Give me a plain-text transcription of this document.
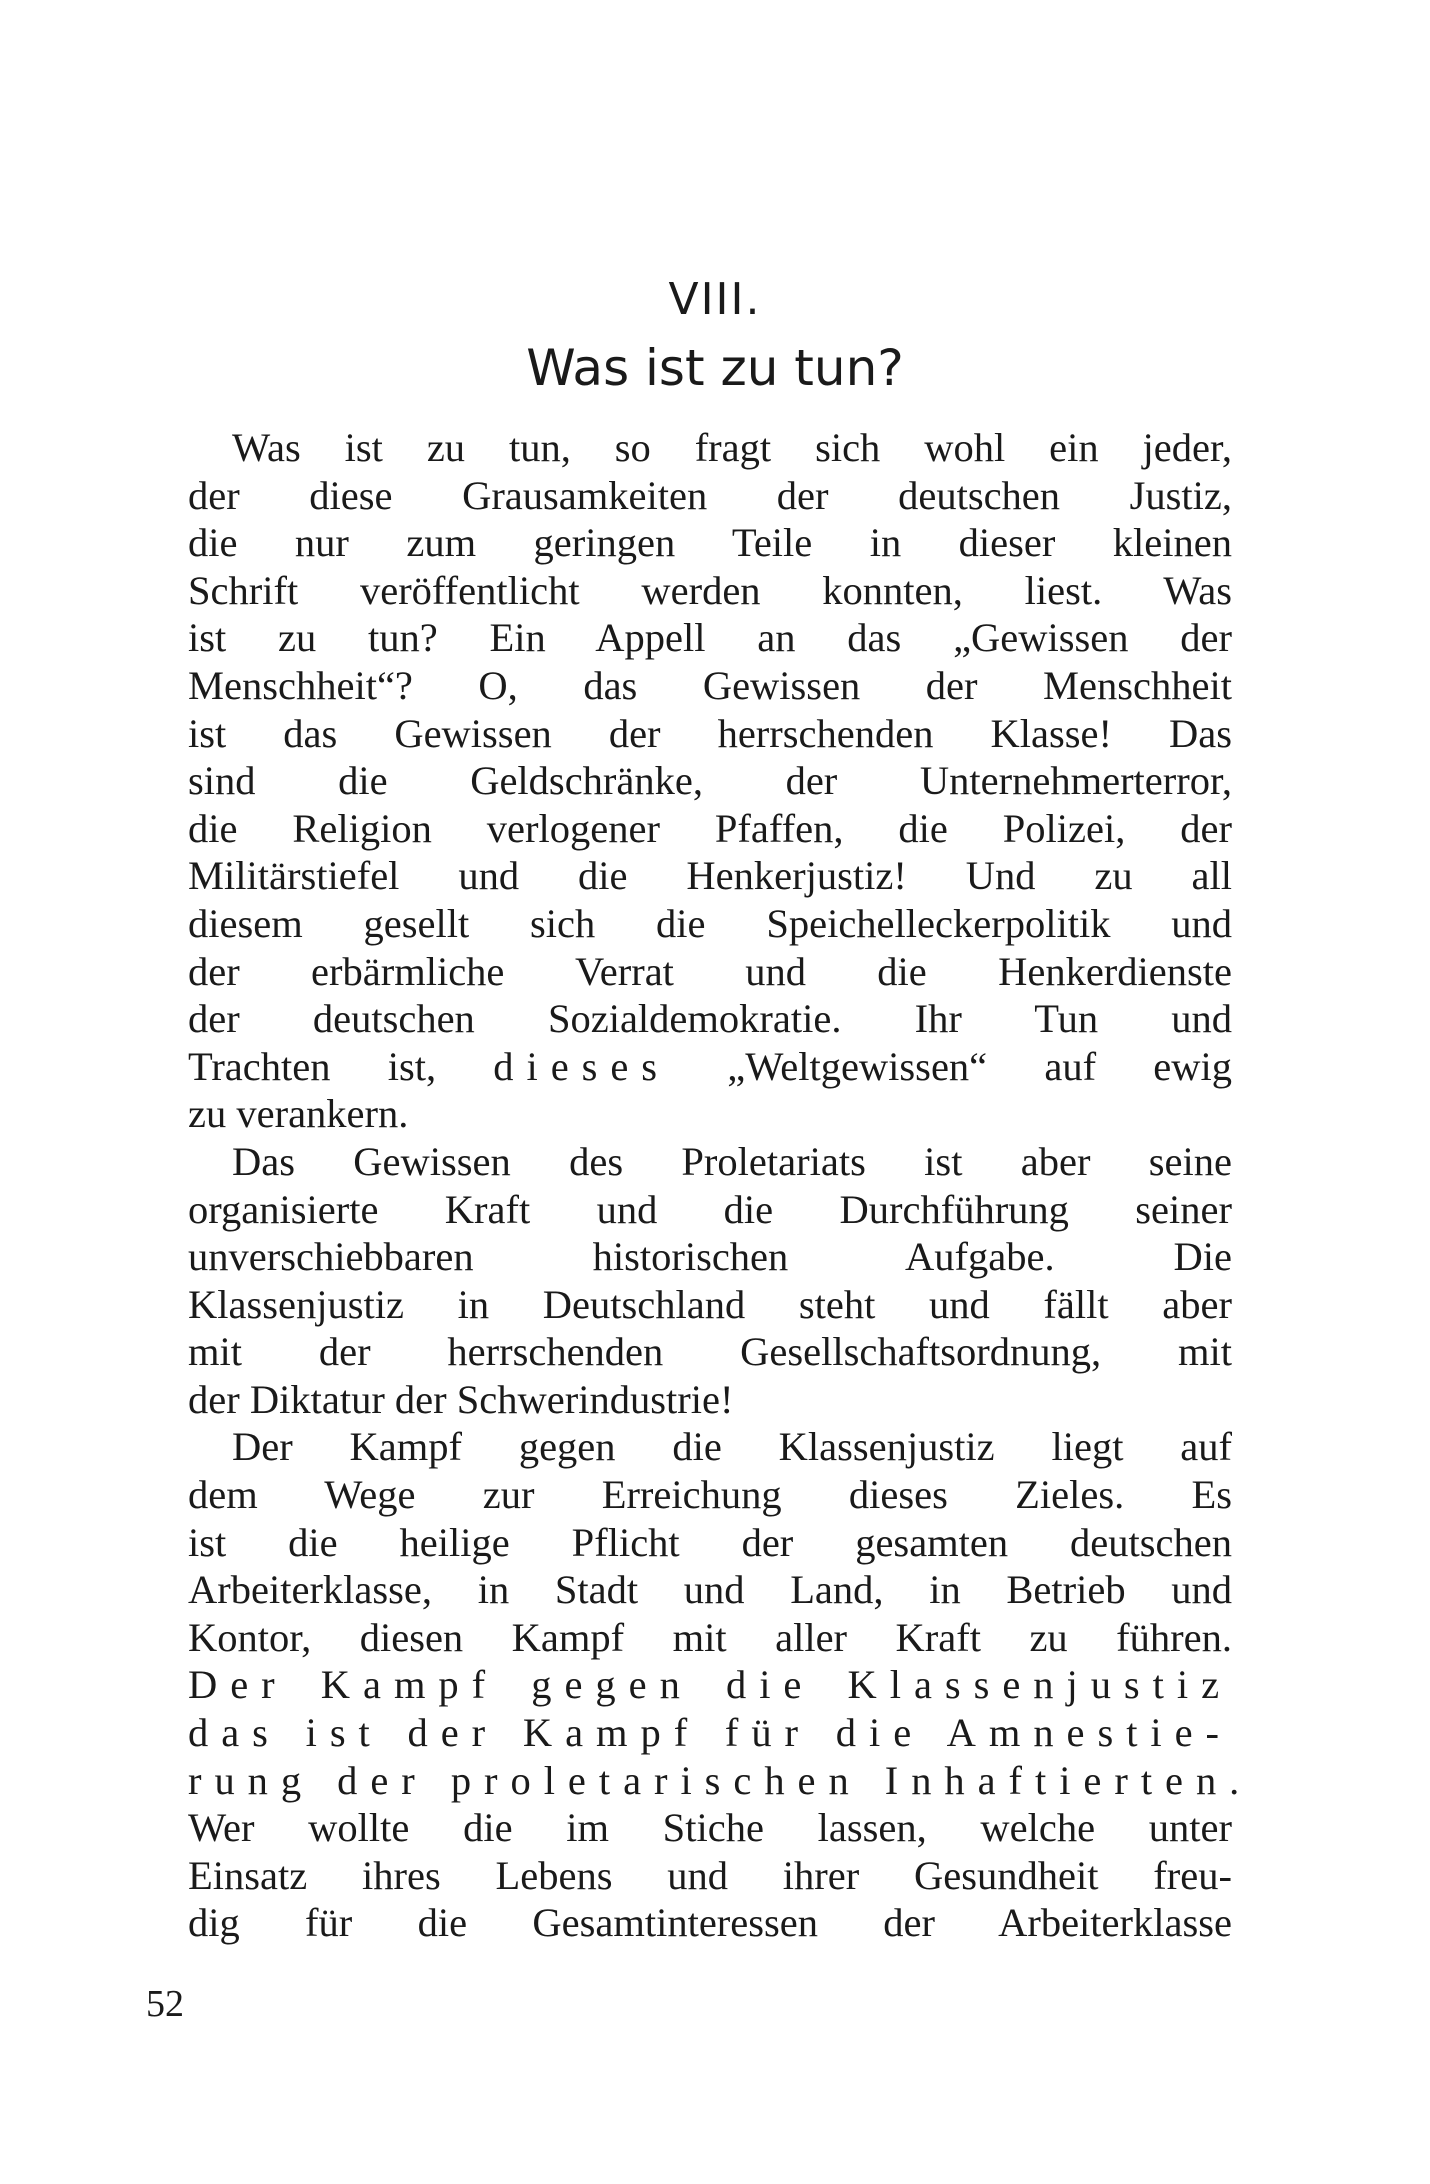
VIII.
Was ist zu tun?
Was ist zu tun, so fragt sich wohl ein jeder,
der diese Grausamkeiten der deutschen Justiz,
die nur zum geringen Teile in dieser kleinen
Schrift veröffentlicht werden konnten, liest. Was
ist zu tun? Ein Appell an das „Gewissen der
Menschheit“? O, das Gewissen der Menschheit
ist das Gewissen der herrschenden Klasse! Das
sind die Geldschränke, der Unternehmerterror,
die Religion verlogener Pfaffen, die Polizei, der
Militärstiefel und die Henkerjustiz! Und zu all
diesem gesellt sich die Speichelleckerpolitik und
der erbärmliche Verrat und die Henkerdienste
der deutschen Sozialdemokratie. Ihr Tun und
Trachten ist, dieses „Weltgewissen“ auf ewig
zu verankern.
Das Gewissen des Proletariats ist aber seine
organisierte Kraft und die Durchführung seiner
unverschiebbaren historischen Aufgabe. Die
Klassenjustiz in Deutschland steht und fällt aber
mit der herrschenden Gesellschaftsordnung, mit
der Diktatur der Schwerindustrie!
Der Kampf gegen die Klassenjustiz liegt auf
dem Wege zur Erreichung dieses Zieles. Es
ist die heilige Pflicht der gesamten deutschen
Arbeiterklasse, in Stadt und Land, in Betrieb und
Kontor, diesen Kampf mit aller Kraft zu führen.
Der Kampf gegen die Klassenjustiz
das ist der Kampf für die Amnestie-
rung der proletarischen Inhaftierten.
Wer wollte die im Stiche lassen, welche unter
Einsatz ihres Lebens und ihrer Gesundheit freu-
dig für die Gesamtinteressen der Arbeiterklasse
52
